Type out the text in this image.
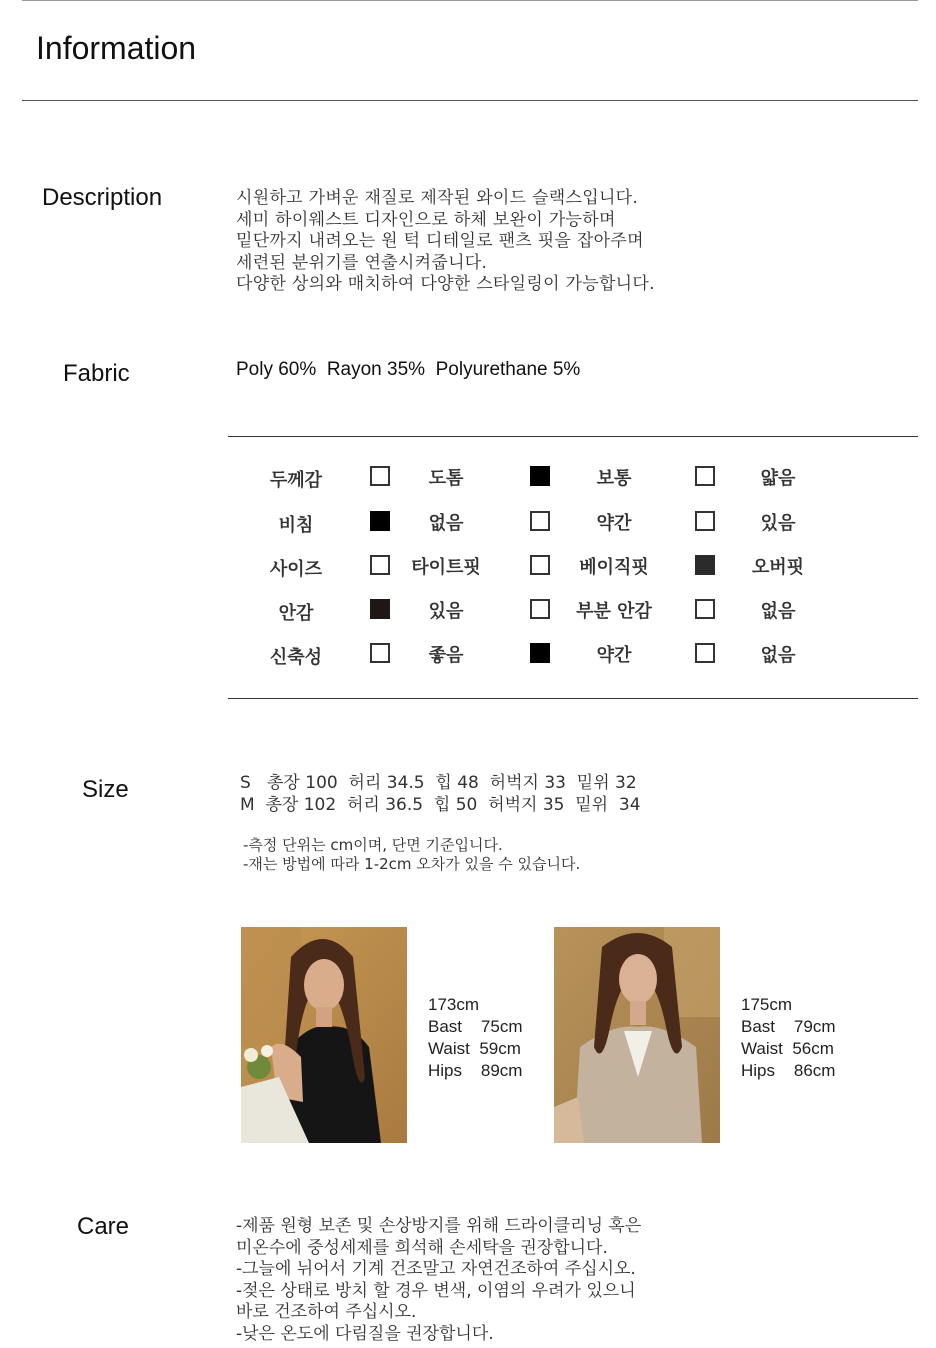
Information
Description	시원하고 가벼운 재질로 제작된 와이드 슬랙스입니다.
세미 하이웨스트 디자인으로 하체 보완이 가능하며
밑단까지 내려오는 원 턱 디테일로 팬츠 핏을 잡아주며
세련된 분위기를 연출시켜줍니다.
다양한 상의와 매치하여 다양한 스타일링이 가능합니다.
Fabric	Poly 60%  Rayon 35%  Polyurethane 5%
두께감	도톰	보통	얇음
비침	없음	약간	있음
사이즈	타이트핏	베이직핏	오버핏
안감	있음	부분 안감	없음
신축성	좋음	약간	없음
Size	S   총장 100  허리 34.5  힙 48  허벅지 33  밑위 32
M  총장 102  허리 36.5  힙 50  허벅지 35  밑위  34
-측정 단위는 cm이며, 단면 기준입니다.
-재는 방법에 따라 1-2cm 오차가 있을 수 있습니다.
173cm
Bast    75cm
Waist  59cm
Hips    89cm
175cm
Bast    79cm
Waist  56cm
Hips    86cm
Care	-제품 원형 보존 및 손상방지를 위해 드라이클리닝 혹은
미온수에 중성세제를 희석해 손세탁을 권장합니다.
-그늘에 뉘어서 기계 건조말고 자연건조하여 주십시오.
-젖은 상태로 방치 할 경우 변색, 이염의 우려가 있으니
바로 건조하여 주십시오.
-낮은 온도에 다림질을 권장합니다.
